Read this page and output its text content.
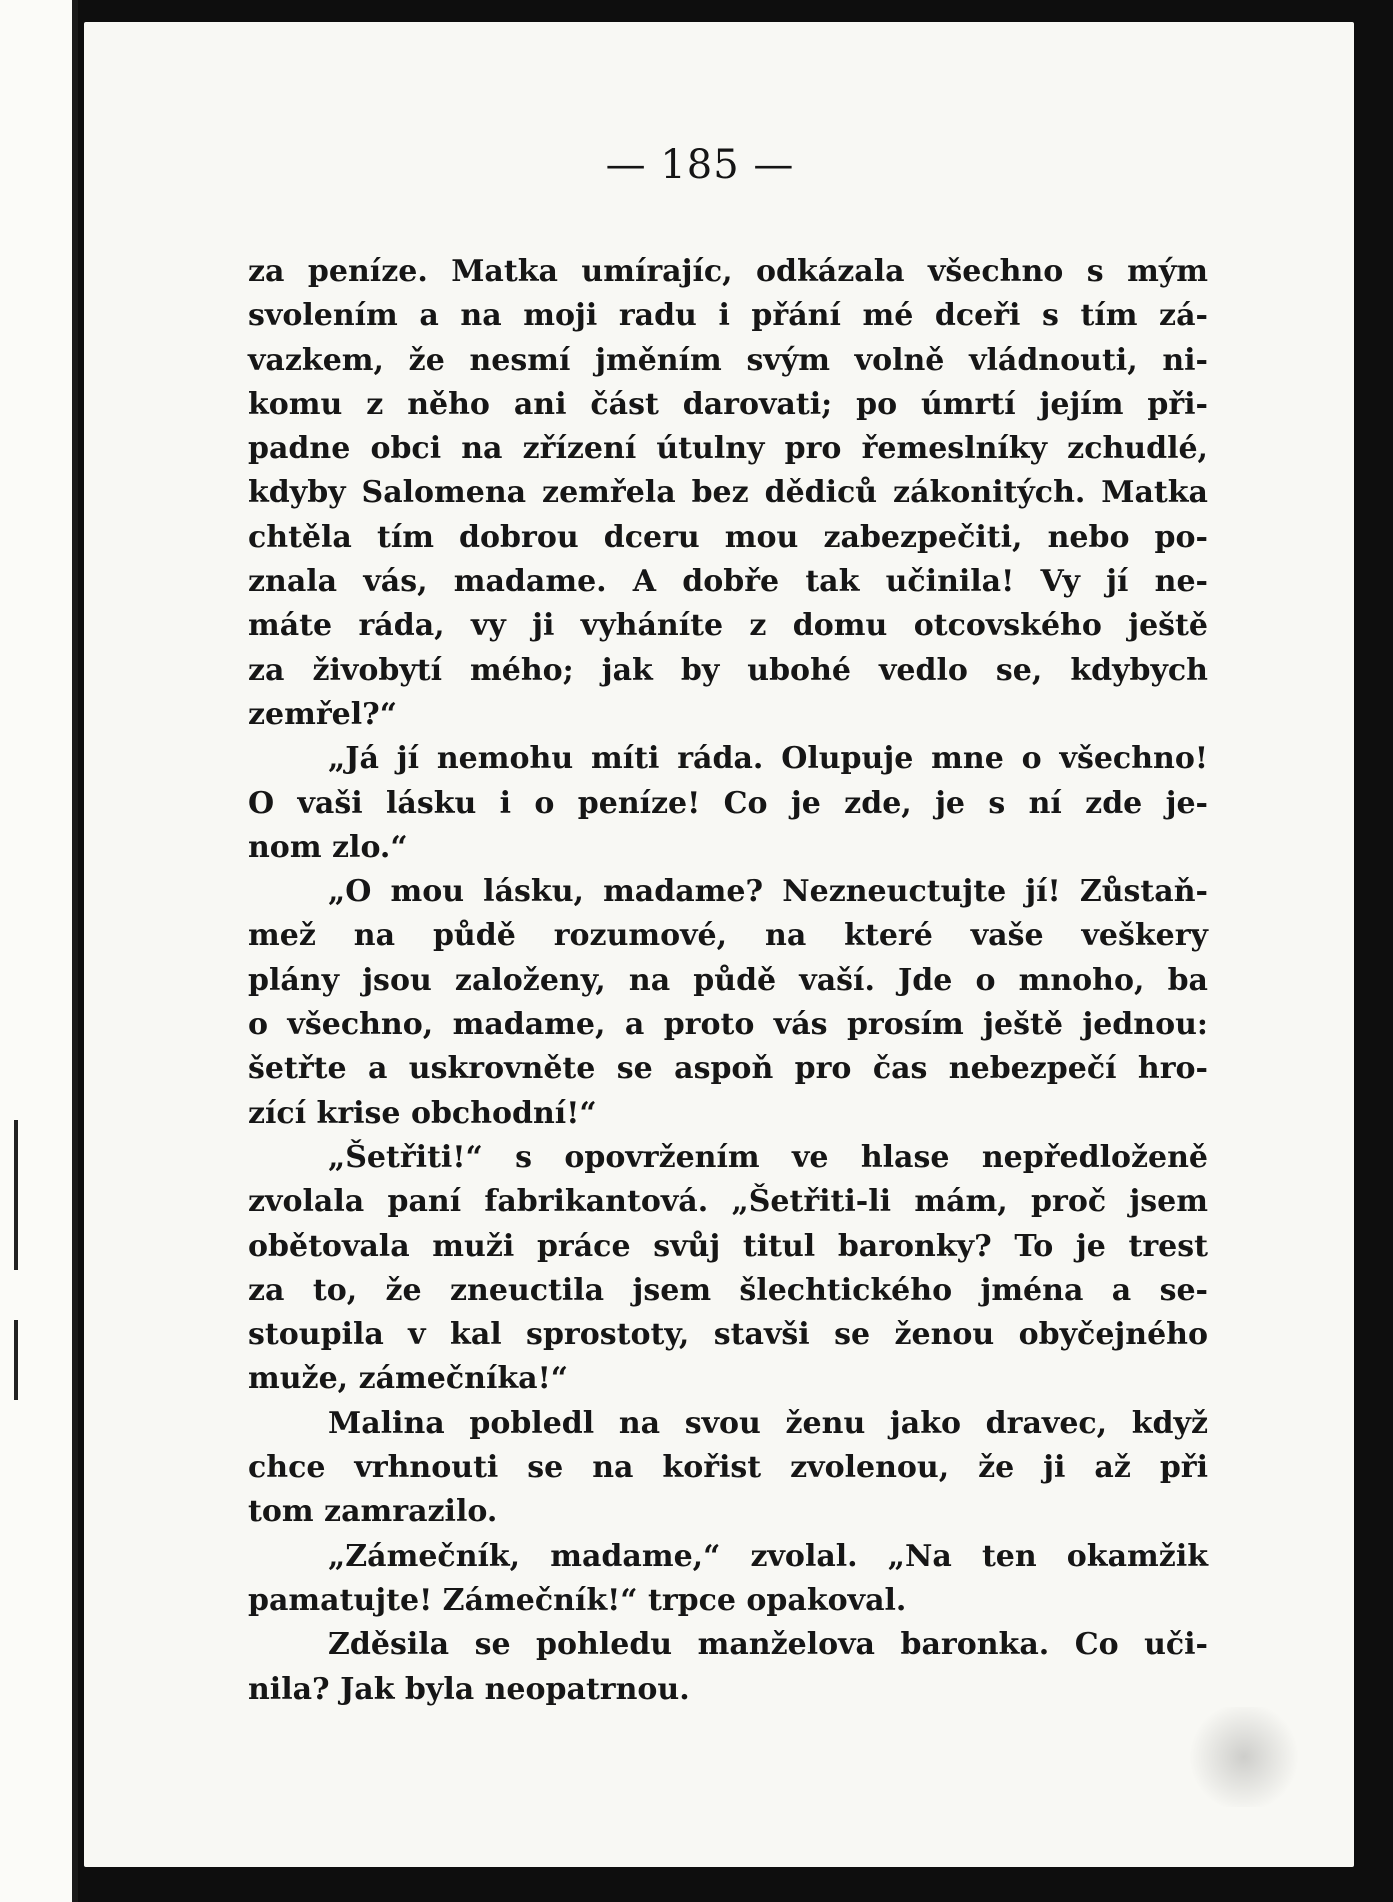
— 185 —
za peníze. Matka umírajíc, odkázala všechno s mým
svolením a na moji radu i přání mé dceři s tím zá-
vazkem, že nesmí jměním svým volně vládnouti, ni-
komu z něho ani část darovati; po úmrtí jejím při-
padne obci na zřízení útulny pro řemeslníky zchudlé,
kdyby Salomena zemřela bez dědiců zákonitých. Matka
chtěla tím dobrou dceru mou zabezpečiti, nebo po-
znala vás, madame. A dobře tak učinila! Vy jí ne-
máte ráda, vy ji vyháníte z domu otcovského ještě
za živobytí mého; jak by ubohé vedlo se, kdybych
zemřel?“
„Já jí nemohu míti ráda. Olupuje mne o všechno!
O vaši lásku i o peníze! Co je zde, je s ní zde je-
nom zlo.“
„O mou lásku, madame? Nezneuctujte jí! Zůstaň-
mež na půdě rozumové, na které vaše veškery
plány jsou založeny, na půdě vaší. Jde o mnoho, ba
o všechno, madame, a proto vás prosím ještě jednou:
šetřte a uskrovněte se aspoň pro čas nebezpečí hro-
zící krise obchodní!“
„Šetřiti!“ s opovržením ve hlase nepředloženě
zvolala paní fabrikantová. „Šetřiti-li mám, proč jsem
obětovala muži práce svůj titul baronky? To je trest
za to, že zneuctila jsem šlechtického jména a se-
stoupila v kal sprostoty, stavši se ženou obyčejného
muže, zámečníka!“
Malina pobledl na svou ženu jako dravec, když
chce vrhnouti se na kořist zvolenou, že ji až při
tom zamrazilo.
„Zámečník, madame,“ zvolal. „Na ten okamžik
pamatujte! Zámečník!“ trpce opakoval.
Zděsila se pohledu manželova baronka. Co uči-
nila? Jak byla neopatrnou.
